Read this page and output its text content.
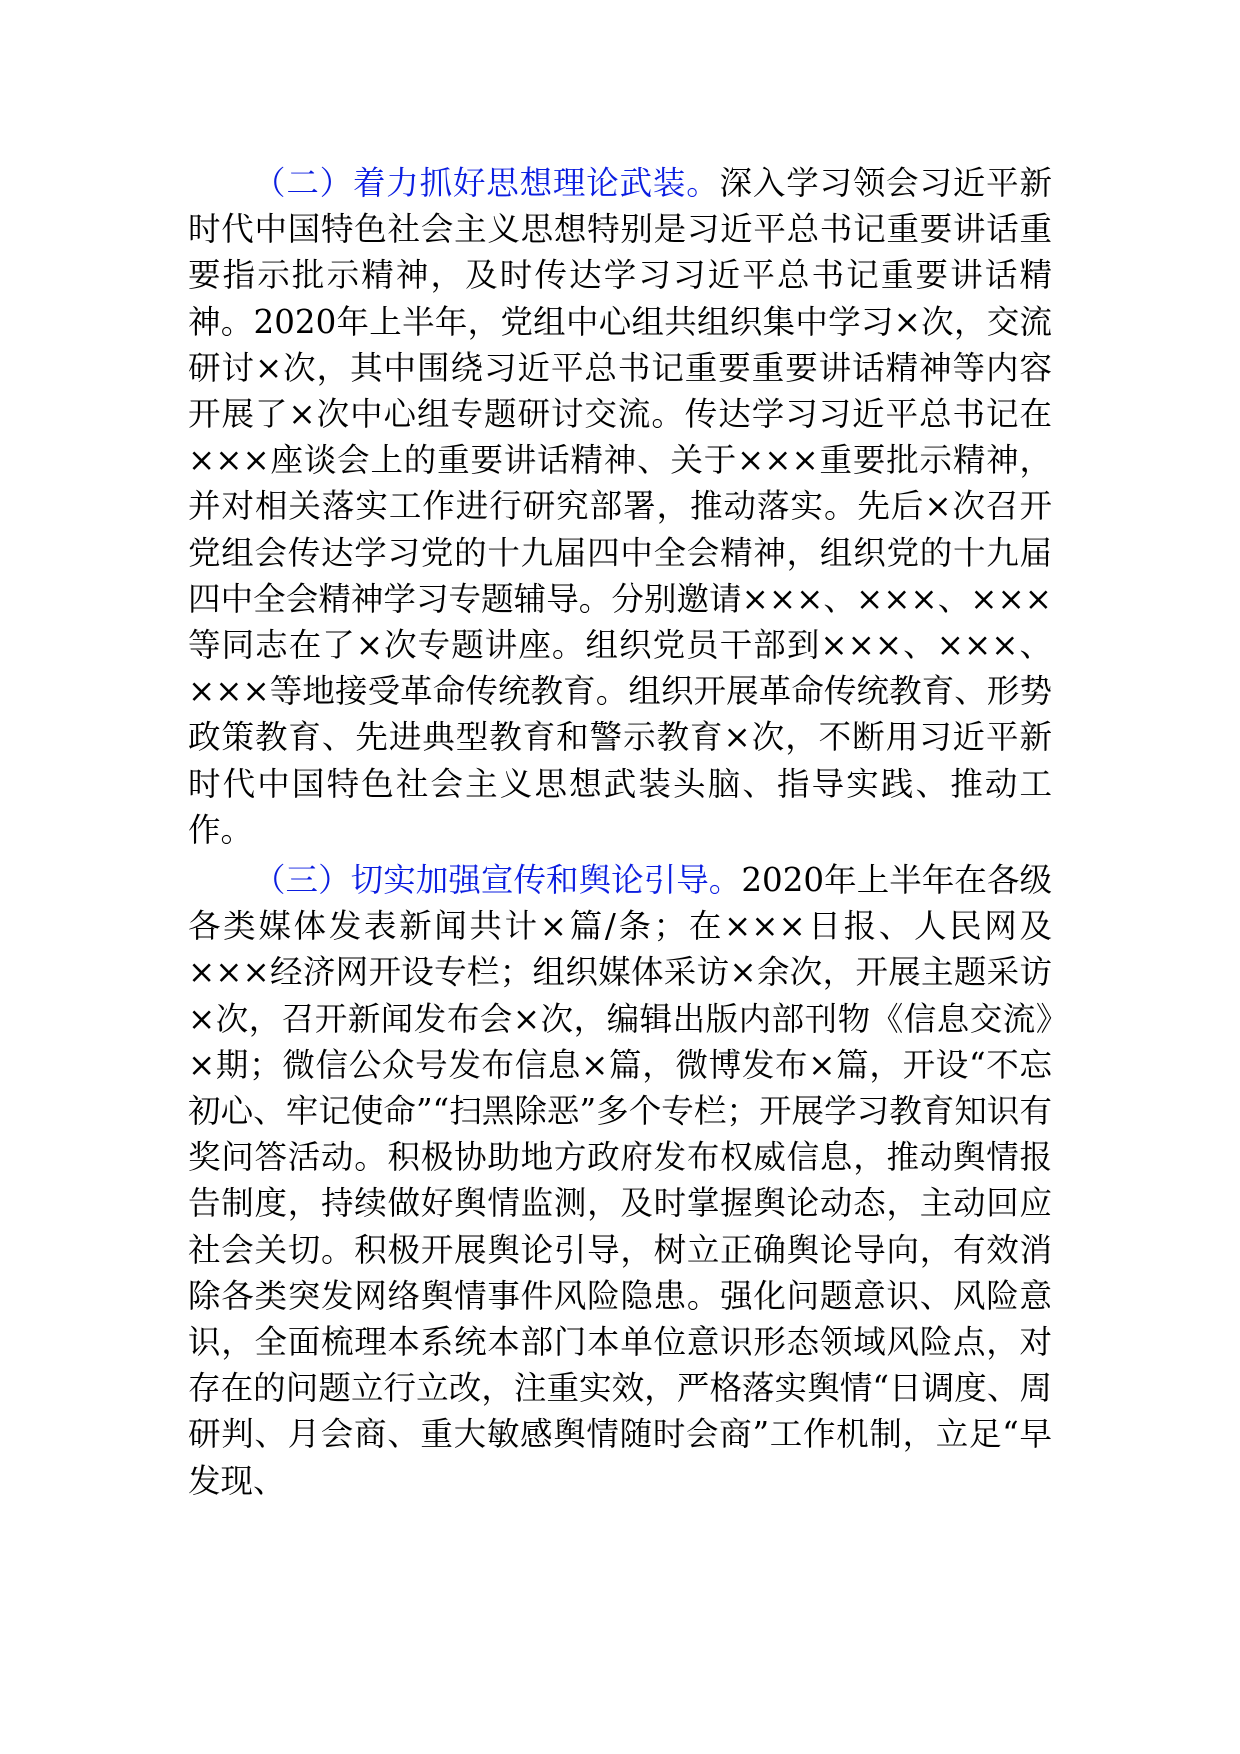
（二）着力抓好思想理论武装。深入学习领会习近平新时代中国特色社会主义思想特别是习近平总书记重要讲话重要指示批示精神，及时传达学习习近平总书记重要讲话精神。2020年上半年，党组中心组共组织集中学习×次，交流研讨×次，其中围绕习近平总书记重要重要讲话精神等内容开展了×次中心组专题研讨交流。传达学习习近平总书记在×××座谈会上的重要讲话精神、关于×××重要批示精神，并对相关落实工作进行研究部署，推动落实。先后×次召开党组会传达学习党的十九届四中全会精神，组织党的十九届四中全会精神学习专题辅导。分别邀请×××、×××、×××等同志在了×次专题讲座。组织党员干部到×××、×××、×××等地接受革命传统教育。组织开展革命传统教育、形势政策教育、先进典型教育和警示教育×次，不断用习近平新时代中国特色社会主义思想武装头脑、指导实践、推动工作。

（三）切实加强宣传和舆论引导。2020年上半年在各级各类媒体发表新闻共计×篇/条；在×××日报、人民网及×××经济网开设专栏；组织媒体采访×余次，开展主题采访×次，召开新闻发布会×次，编辑出版内部刊物《信息交流》×期；微信公众号发布信息×篇，微博发布×篇，开设“不忘初心、牢记使命”“扫黑除恶”多个专栏；开展学习教育知识有奖问答活动。积极协助地方政府发布权威信息，推动舆情报告制度，持续做好舆情监测，及时掌握舆论动态，主动回应社会关切。积极开展舆论引导，树立正确舆论导向，有效消除各类突发网络舆情事件风险隐患。强化问题意识、风险意识，全面梳理本系统本部门本单位意识形态领域风险点，对存在的问题立行立改，注重实效，严格落实舆情“日调度、周研判、月会商、重大敏感舆情随时会商”工作机制，立足“早发现、
